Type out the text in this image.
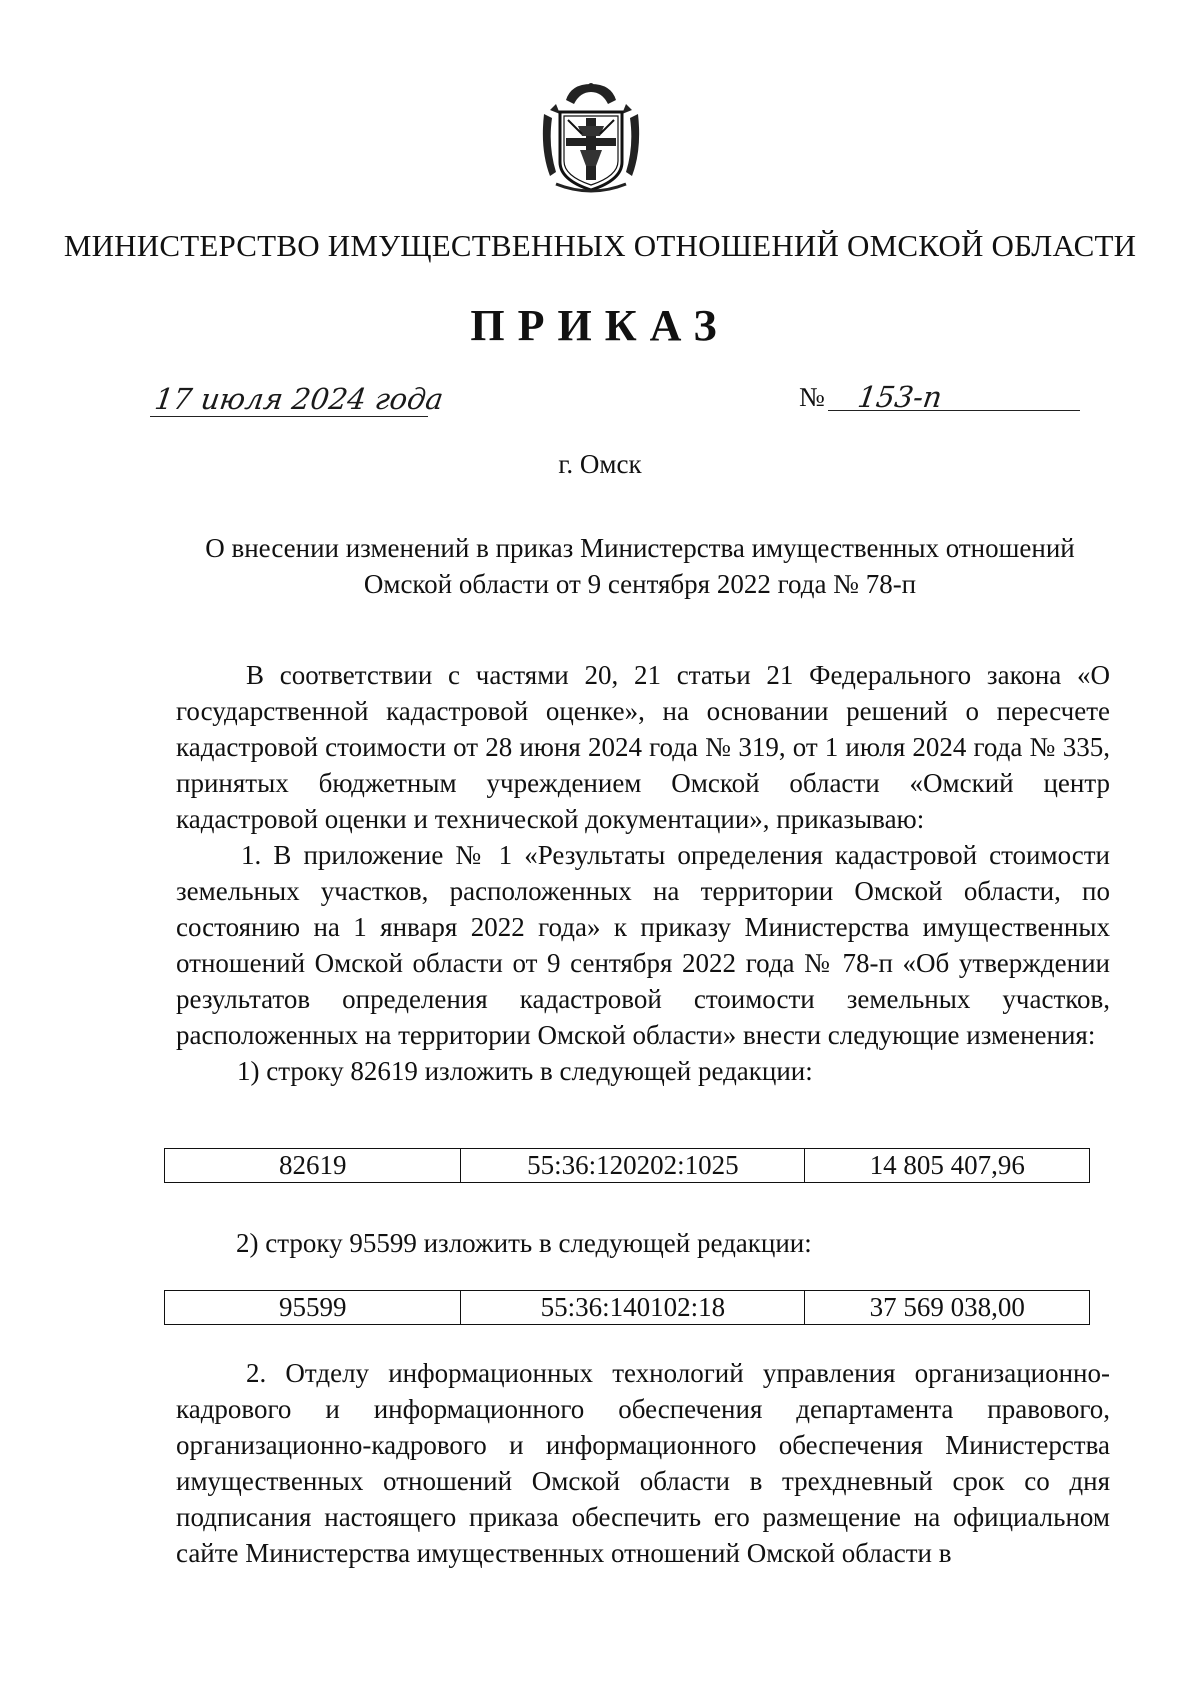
МИНИСТЕРСТВО ИМУЩЕСТВЕННЫХ ОТНОШЕНИЙ ОМСКОЙ ОБЛАСТИ
ПРИКАЗ
17 июля 2024 года	№ 153-п
г. Омск
О внесении изменений в приказ Министерства имущественных отношений
Омской области от 9 сентября 2022 года № 78-п

В соответствии с частями 20, 21 статьи 21 Федерального закона «О государственной кадастровой оценке», на основании решений о пересчете кадастровой стоимости от 28 июня 2024 года № 319, от 1 июля 2024 года № 335, принятых бюджетным учреждением Омской области «Омский центр кадастровой оценки и технической документации», приказываю:

1. В приложение № 1 «Результаты определения кадастровой стоимости земельных участков, расположенных на территории Омской области, по состоянию на 1 января 2022 года» к приказу Министерства имущественных отношений Омской области от 9 сентября 2022 года № 78-п «Об утверждении результатов определения кадастровой стоимости земельных участков, расположенных на территории Омской области» внести следующие изменения:

1) строку 82619 изложить в следующей редакции:

82619	55:36:120202:1025	14 805 407,96
2) строку 95599 изложить в следующей редакции:
95599	55:36:140102:18	37 569 038,00

2. Отделу информационных технологий управления организационно-кадрового и информационного обеспечения департамента правового, организационно-кадрового и информационного обеспечения Министерства имущественных отношений Омской области в трехдневный срок со дня подписания настоящего приказа обеспечить его размещение на официальном сайте Министерства имущественных отношений Омской области в
